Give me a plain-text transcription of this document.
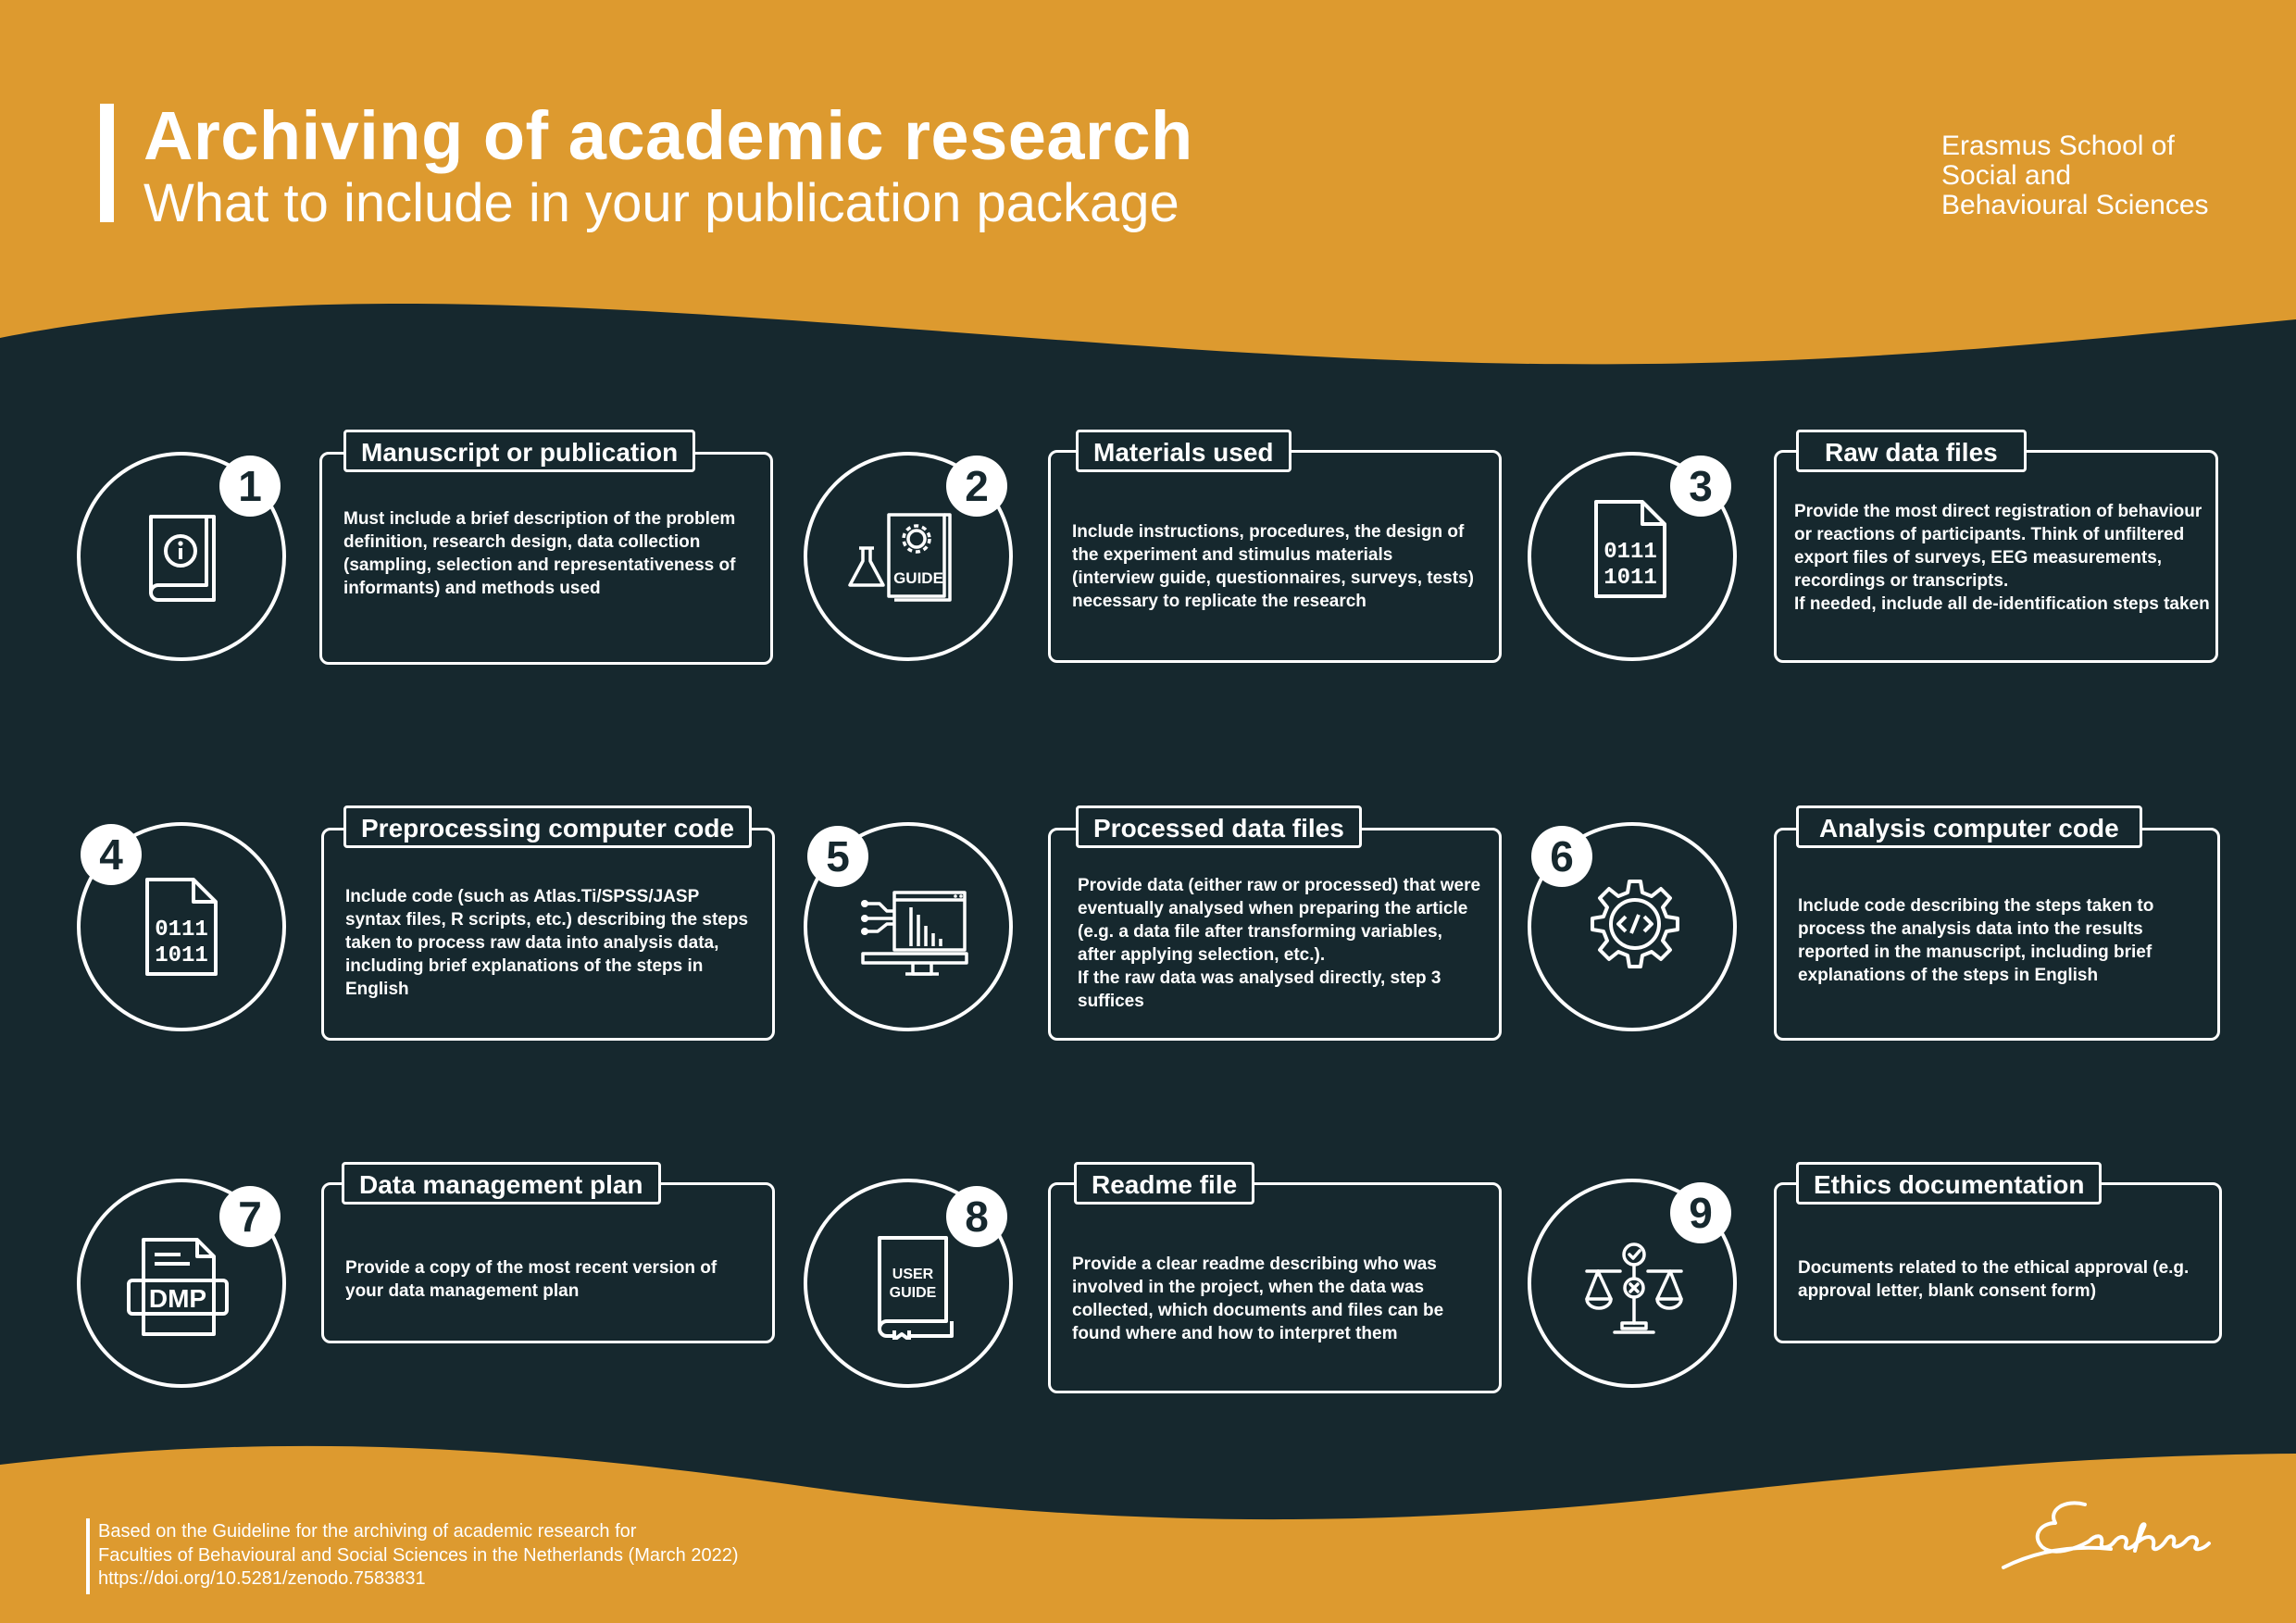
Archiving of academic research
What to include in your publication package
Erasmus School of
Social and
Behavioural Sciences
1
Manuscript or publication
Must include a brief description of the problem definition, research design, data collection (sampling, selection and representativeness of informants) and methods used
2
GUIDE
Materials used
Include instructions, procedures, the design of the experiment and stimulus materials (interview guide, questionnaires, surveys, tests) necessary to replicate the research
3
0111
1011
Raw data files
Provide the most direct registration of behaviour or reactions of participants. Think of unfiltered export files of surveys, EEG measurements, recordings or transcripts.
If needed, include all de-identification steps taken
4
0111
1011
Preprocessing computer code
Include code (such as Atlas.Ti/SPSS/JASP syntax files, R scripts, etc.) describing the steps taken to process raw data into analysis data, including brief explanations of the steps in English
5
Processed data files
Provide data (either raw or processed) that were eventually analysed when preparing the article (e.g. a data file after transforming variables, after applying selection, etc.).
If the raw data was analysed directly, step 3 suffices
6
Analysis computer code
Include code describing the steps taken to process the analysis data into the results reported in the manuscript, including brief explanations of the steps in English
7
DMP
Data management plan
Provide a copy of the most recent version of your data management plan
8
USER
GUIDE
Readme file
Provide a clear readme describing who was involved in the project, when the data was collected, which documents and files can be found where and how to interpret them
9
Ethics documentation
Documents related to the ethical approval (e.g. approval letter, blank consent form)
Based on the Guideline for the archiving of academic research for
Faculties of Behavioural and Social Sciences in the Netherlands (March 2022)
https://doi.org/10.5281/zenodo.7583831
